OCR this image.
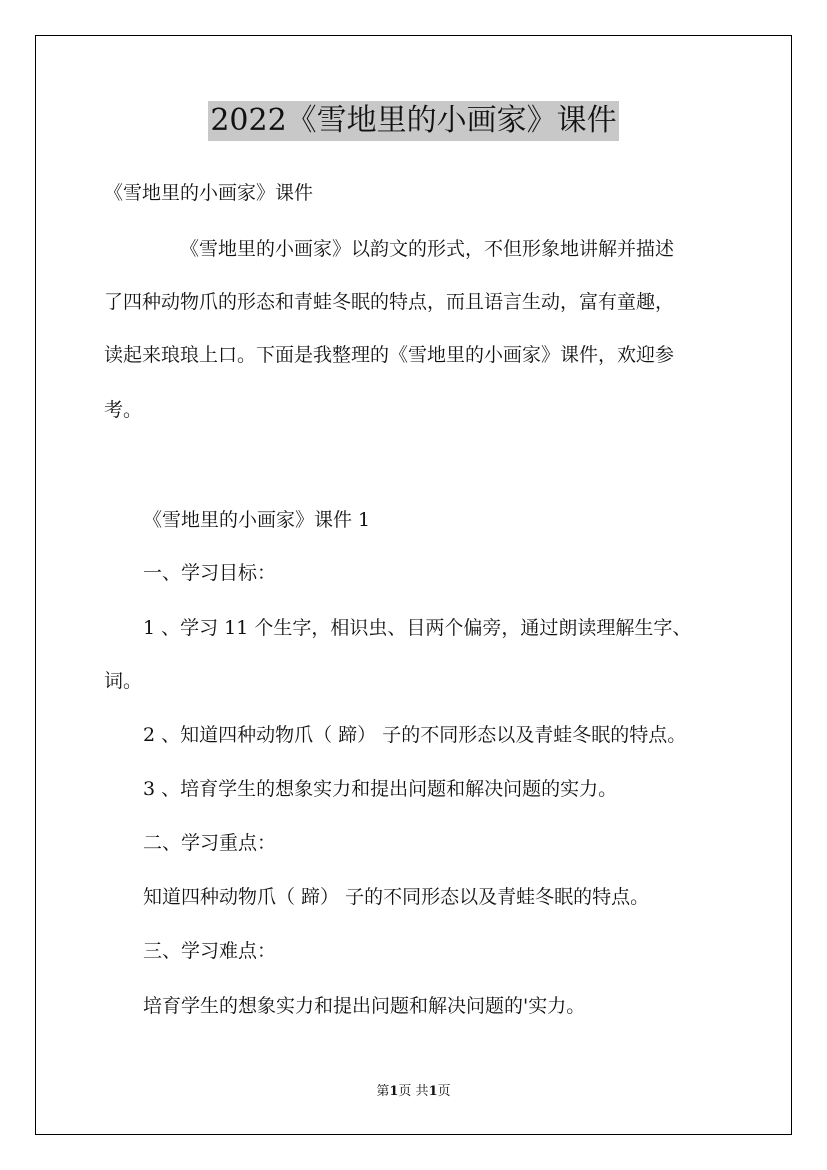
2022《雪地里的小画家》课件
《雪地里的小画家》课件
《雪地里的小画家》以韵文的形式，不但形象地讲解并描述
了四种动物爪的形态和青蛙冬眠的特点，而且语言生动，富有童趣，
读起来琅琅上口。下面是我整理的《雪地里的小画家》课件，欢迎参
考。
《雪地里的小画家》课件 1
一、学习目标：
1 、学习 11 个生字，相识虫、目两个偏旁，通过朗读理解生字、
词。
2 、知道四种动物爪（ 蹄） 子的不同形态以及青蛙冬眠的特点。
3 、培育学生的想象实力和提出问题和解决问题的实力。
二、学习重点：
知道四种动物爪（ 蹄） 子的不同形态以及青蛙冬眠的特点。
三、学习难点：
培育学生的想象实力和提出问题和解决问题的'实力。
第1页 共1页
